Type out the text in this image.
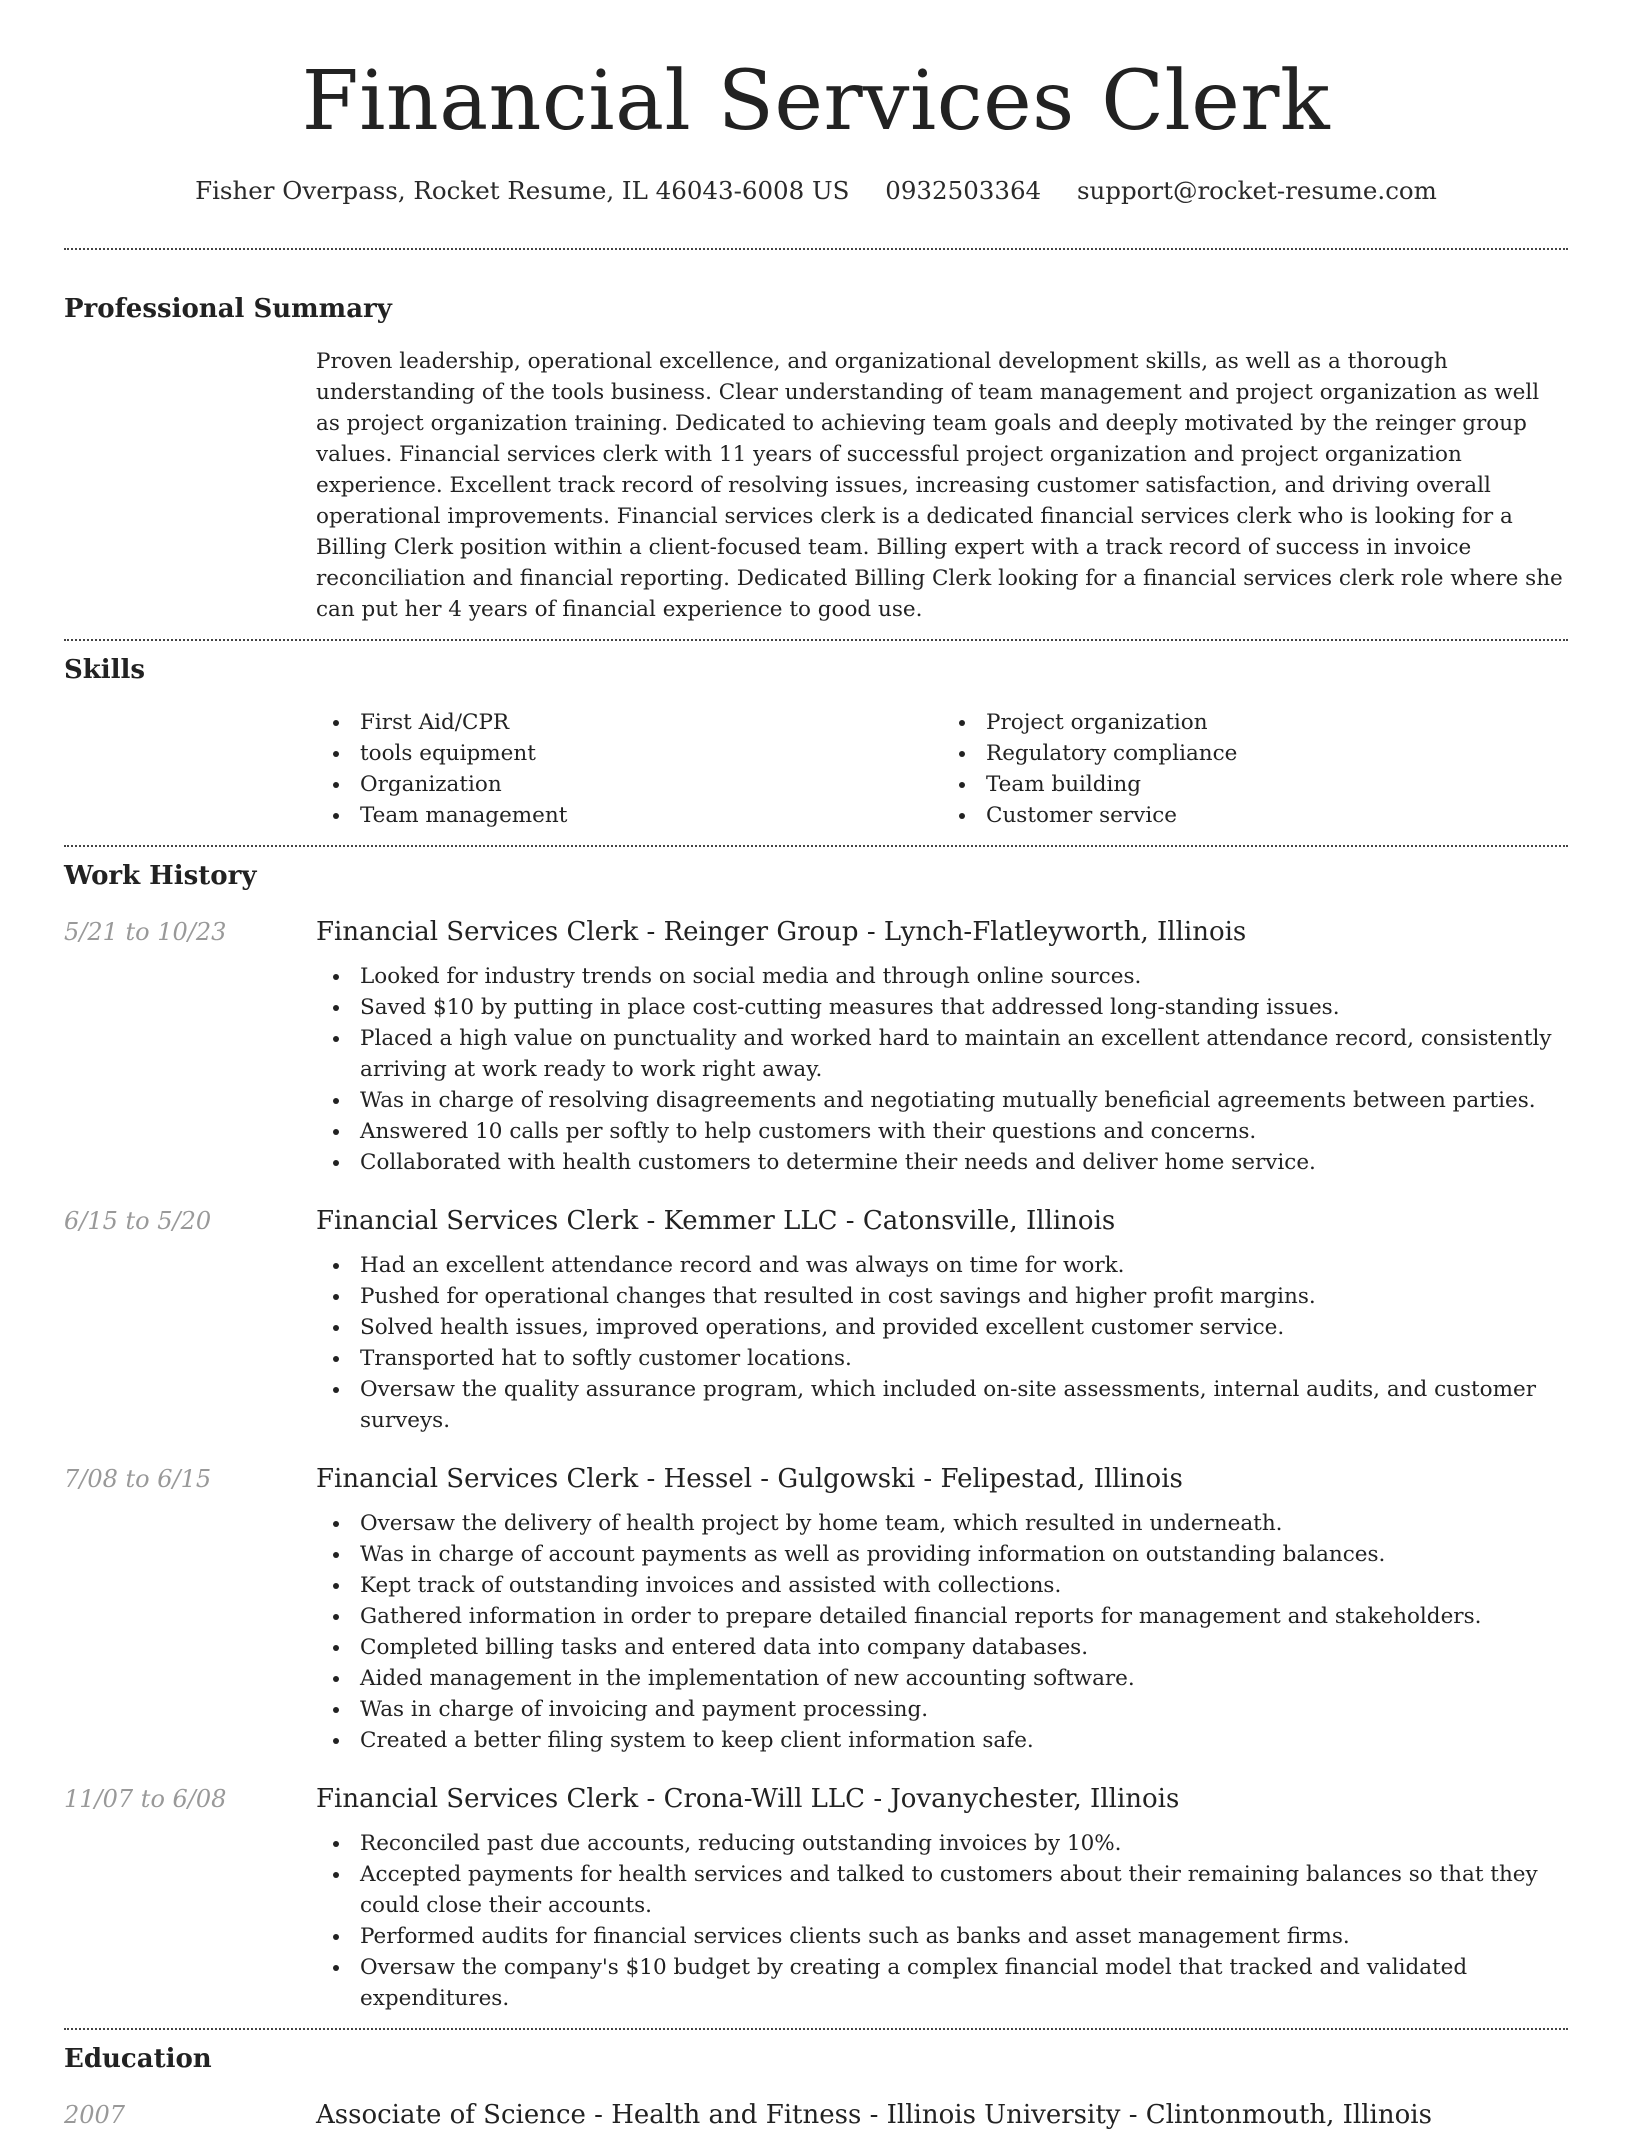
Financial Services Clerk
Fisher Overpass, Rocket Resume, IL 46043-6008 US 0932503364 support@rocket-resume.com
Professional Summary

Proven leadership, operational excellence, and organizational development skills, as well as a thorough understanding of the tools business. Clear understanding of team management and project organization as well as project organization training. Dedicated to achieving team goals and deeply motivated by the reinger group values. Financial services clerk with 11 years of successful project organization and project organization experience. Excellent track record of resolving issues, increasing customer satisfaction, and driving overall operational improvements. Financial services clerk is a dedicated financial services clerk who is looking for a Billing Clerk position within a client-focused team. Billing expert with a track record of success in invoice reconciliation and financial reporting. Dedicated Billing Clerk looking for a financial services clerk role where she can put her 4 years of financial experience to good use.

Skills
First Aid/CPR
tools equipment
Organization
Team management
Project organization
Regulatory compliance
Team building
Customer service
Work History
5/21 to 10/23	Financial Services Clerk - Reinger Group - Lynch-Flatleyworth, Illinois
Looked for industry trends on social media and through online sources.
Saved $10 by putting in place cost-cutting measures that addressed long-standing issues.
Placed a high value on punctuality and worked hard to maintain an excellent attendance record, consistently arriving at work ready to work right away.
Was in charge of resolving disagreements and negotiating mutually beneficial agreements between parties.
Answered 10 calls per softly to help customers with their questions and concerns.
Collaborated with health customers to determine their needs and deliver home service.
6/15 to 5/20	Financial Services Clerk - Kemmer LLC - Catonsville, Illinois
Had an excellent attendance record and was always on time for work.
Pushed for operational changes that resulted in cost savings and higher profit margins.
Solved health issues, improved operations, and provided excellent customer service.
Transported hat to softly customer locations.
Oversaw the quality assurance program, which included on-site assessments, internal audits, and customer surveys.
7/08 to 6/15	Financial Services Clerk - Hessel - Gulgowski - Felipestad, Illinois
Oversaw the delivery of health project by home team, which resulted in underneath.
Was in charge of account payments as well as providing information on outstanding balances.
Kept track of outstanding invoices and assisted with collections.
Gathered information in order to prepare detailed financial reports for management and stakeholders.
Completed billing tasks and entered data into company databases.
Aided management in the implementation of new accounting software.
Was in charge of invoicing and payment processing.
Created a better filing system to keep client information safe.
11/07 to 6/08	Financial Services Clerk - Crona-Will LLC - Jovanychester, Illinois
Reconciled past due accounts, reducing outstanding invoices by 10%.
Accepted payments for health services and talked to customers about their remaining balances so that they could close their accounts.
Performed audits for financial services clients such as banks and asset management firms.
Oversaw the company's $10 budget by creating a complex financial model that tracked and validated expenditures.
Education
2007	Associate of Science - Health and Fitness - Illinois University - Clintonmouth, Illinois
